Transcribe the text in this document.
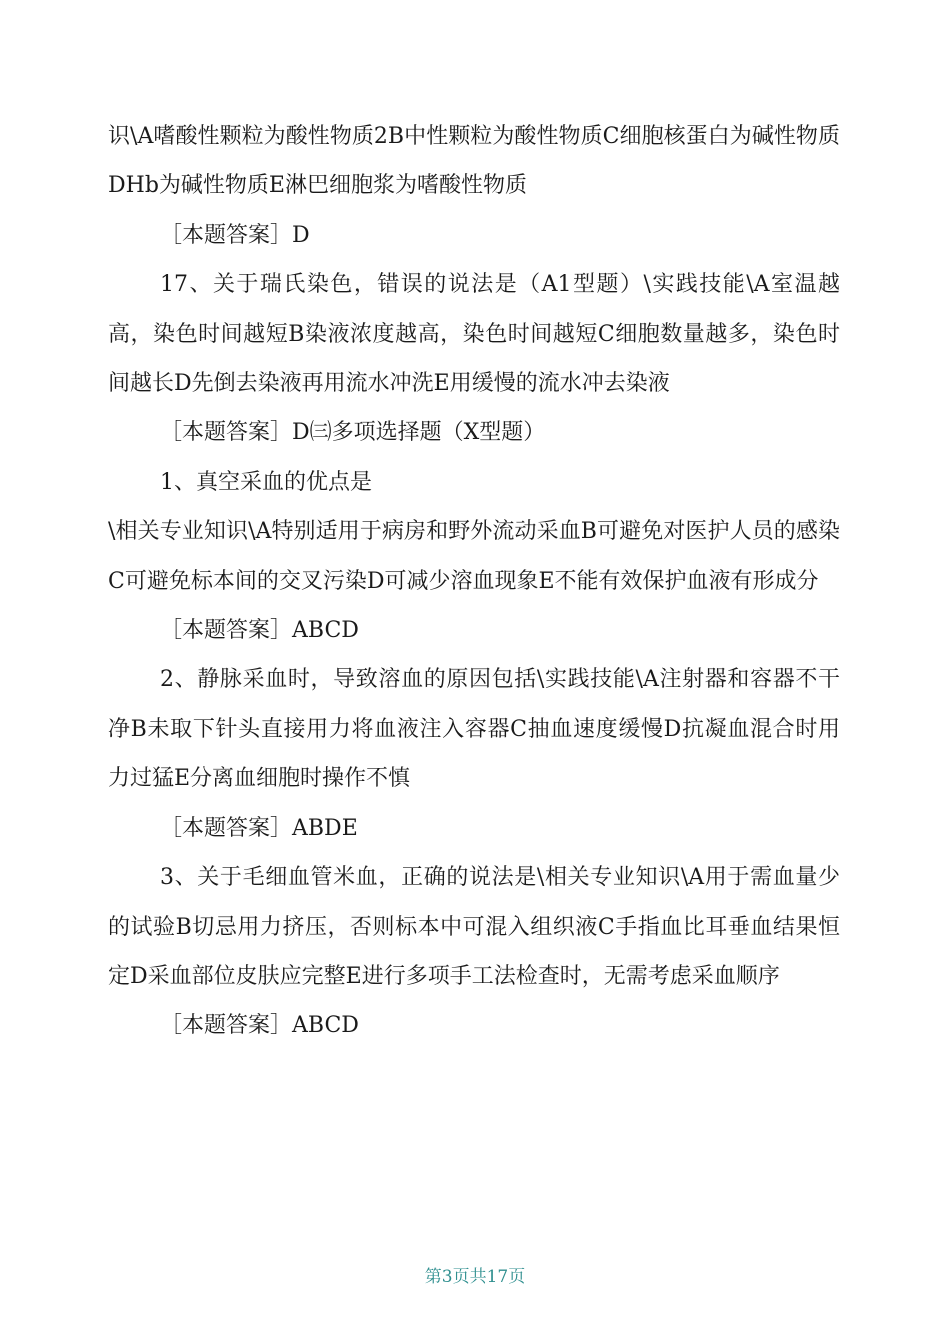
识\A嗜酸性颗粒为酸性物质2B中性颗粒为酸性物质C细胞核蛋白为碱性物质DHb为碱性物质E淋巴细胞浆为嗜酸性物质

［本题答案］D

17、关于瑞氏染色，错误的说法是（A1型题）\实践技能\A室温越高，染色时间越短B染液浓度越高，染色时间越短C细胞数量越多，染色时间越长D先倒去染液再用流水冲洗E用缓慢的流水冲去染液

［本题答案］D㈢多项选择题（X型题）

1、真空采血的优点是

\相关专业知识\A特别适用于病房和野外流动采血B可避免对医护人员的感染C可避免标本间的交叉污染D可减少溶血现象E不能有效保护血液有形成分

［本题答案］ABCD

2、静脉采血时，导致溶血的原因包括\实践技能\A注射器和容器不干净B未取下针头直接用力将血液注入容器C抽血速度缓慢D抗凝血混合时用力过猛E分离血细胞时操作不慎

［本题答案］ABDE

3、关于毛细血管米血，正确的说法是\相关专业知识\A用于需血量少的试验B切忌用力挤压，否则标本中可混入组织液C手指血比耳垂血结果恒定D采血部位皮肤应完整E进行多项手工法检查时，无需考虑采血顺序

［本题答案］ABCD

第3页共17页
